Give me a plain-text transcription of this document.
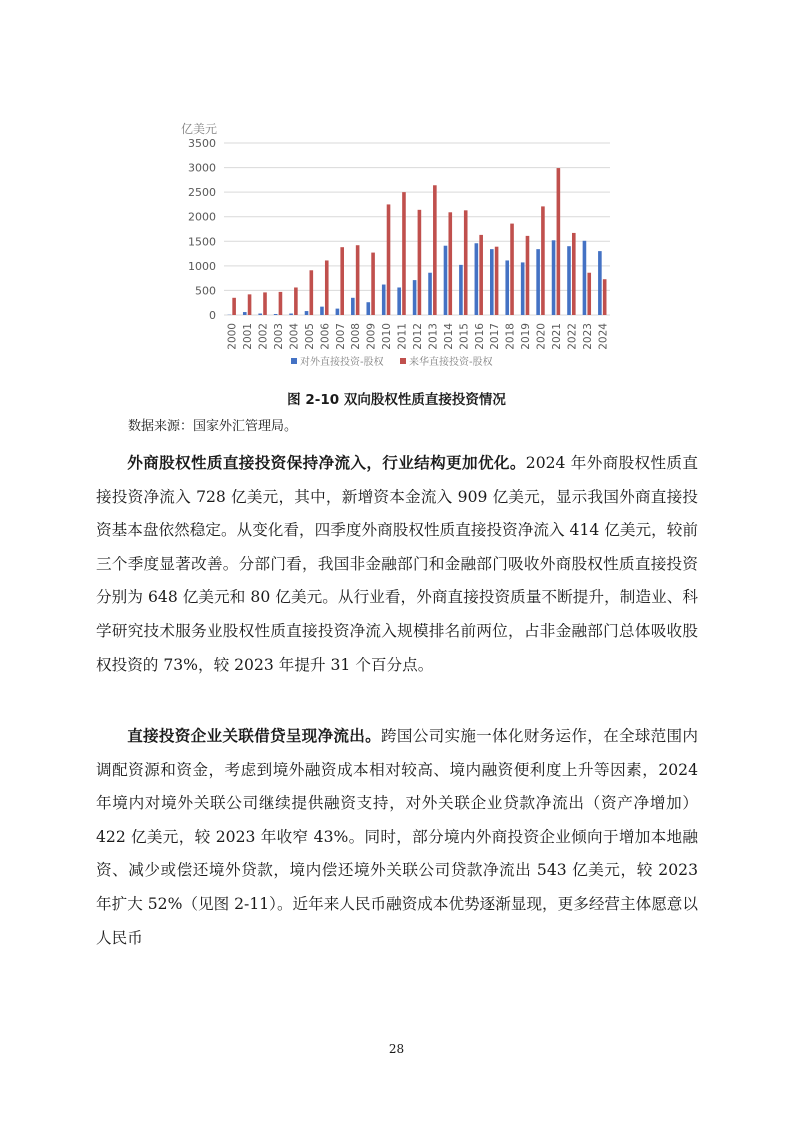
亿美元
0
500
1000
1500
2000
2500
3000
3500
2000 2001 2002 2003 2004 2005 2006 2007 2008 2009 2010 2011 2012 2013 2014 2015 2016 2017 2018 2019 2020 2021 2022 2023 2024
对外直接投资-股权	来华直接投资-股权
图 2-10 双向股权性质直接投资情况
数据来源：国家外汇管理局。

外商股权性质直接投资保持净流入，行业结构更加优化。2024 年外商股权性质直接投资净流入 728 亿美元，其中，新增资本金流入 909 亿美元，显示我国外商直接投资基本盘依然稳定。从变化看，四季度外商股权性质直接投资净流入 414 亿美元，较前三个季度显著改善。分部门看，我国非金融部门和金融部门吸收外商股权性质直接投资分别为 648 亿美元和 80 亿美元。从行业看，外商直接投资质量不断提升，制造业、科学研究技术服务业股权性质直接投资净流入规模排名前两位，占非金融部门总体吸收股权投资的 73%，较 2023 年提升 31 个百分点。

直接投资企业关联借贷呈现净流出。跨国公司实施一体化财务运作，在全球范围内调配资源和资金，考虑到境外融资成本相对较高、境内融资便利度上升等因素，2024 年境内对境外关联公司继续提供融资支持，对外关联企业贷款净流出（资产净增加）422 亿美元，较 2023 年收窄 43%。同时，部分境内外商投资企业倾向于增加本地融资、减少或偿还境外贷款，境内偿还境外关联公司贷款净流出 543 亿美元，较 2023 年扩大 52%（见图 2-11）。近年来人民币融资成本优势逐渐显现，更多经营主体愿意以人民币

28
